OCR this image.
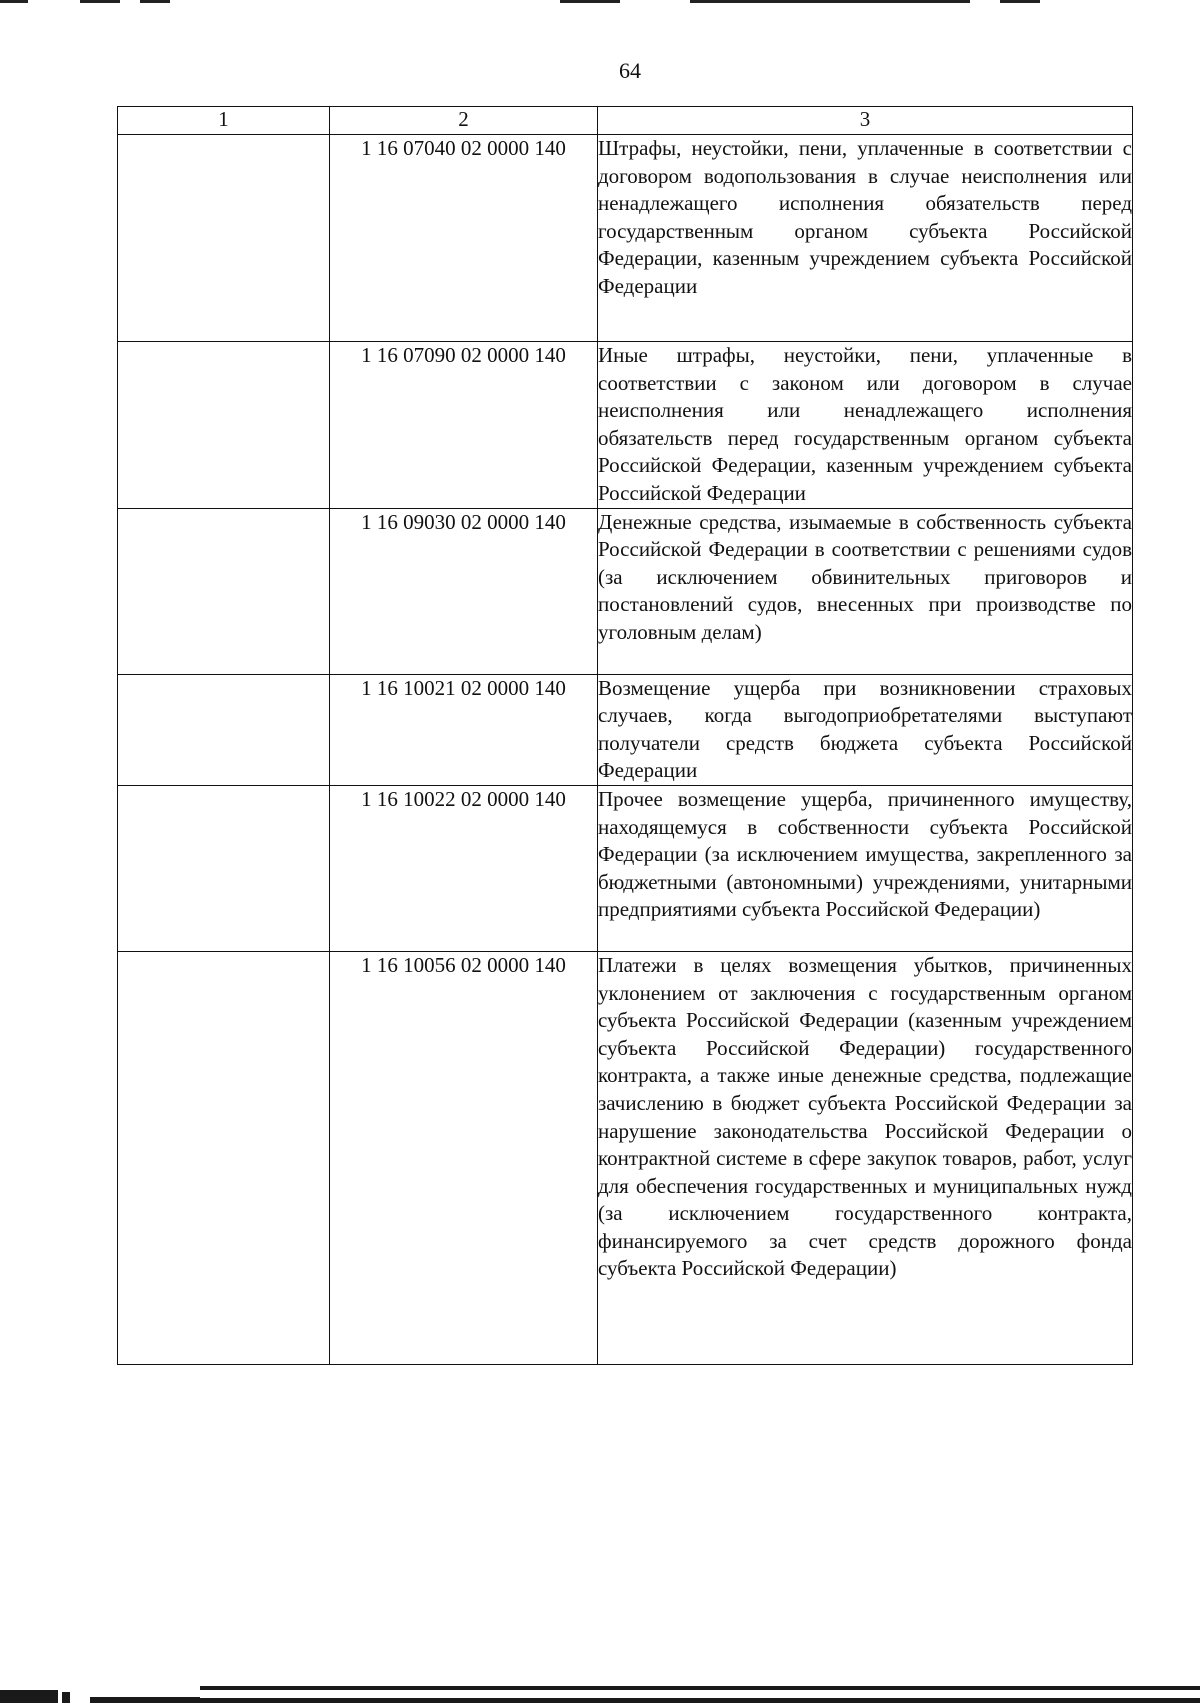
64
1	2	3
	1 16 07040 02 0000 140	Штрафы, неустойки, пени, уплаченные в соответствии с договором водопользования в случае неисполнения или ненадлежащего исполнения обязательств перед государственным органом субъекта Российской Федерации, казенным учреждением субъекта Российской Федерации
	1 16 07090 02 0000 140	Иные штрафы, неустойки, пени, уплаченные в соответствии с законом или договором в случае неисполнения или ненадлежащего исполнения обязательств перед государственным органом субъекта Российской Федерации, казенным учреждением субъекта Российской Федерации
	1 16 09030 02 0000 140	Денежные средства, изымаемые в собственность субъекта Российской Федерации в соответствии с решениями судов (за исключением обвинительных приговоров и постановлений судов, внесенных при производстве по уголовным делам)
	1 16 10021 02 0000 140	Возмещение ущерба при возникновении страховых случаев, когда выгодоприобретателями выступают получатели средств бюджета субъекта Российской Федерации
	1 16 10022 02 0000 140	Прочее возмещение ущерба, причиненного имуществу, находящемуся в собственности субъекта Российской Федерации (за исключением имущества, закрепленного за бюджетными (автономными) учреждениями, унитарными предприятиями субъекта Российской Федерации)
	1 16 10056 02 0000 140	Платежи в целях возмещения убытков, причиненных уклонением от заключения с государственным органом субъекта Российской Федерации (казенным учреждением субъекта Российской Федерации) государственного контракта, а также иные денежные средства, подлежащие зачислению в бюджет субъекта Российской Федерации за нарушение законодательства Российской Федерации о контрактной системе в сфере закупок товаров, работ, услуг для обеспечения государственных и муниципальных нужд (за исключением государственного контракта, финансируемого за счет средств дорожного фонда субъекта Российской Федерации)
